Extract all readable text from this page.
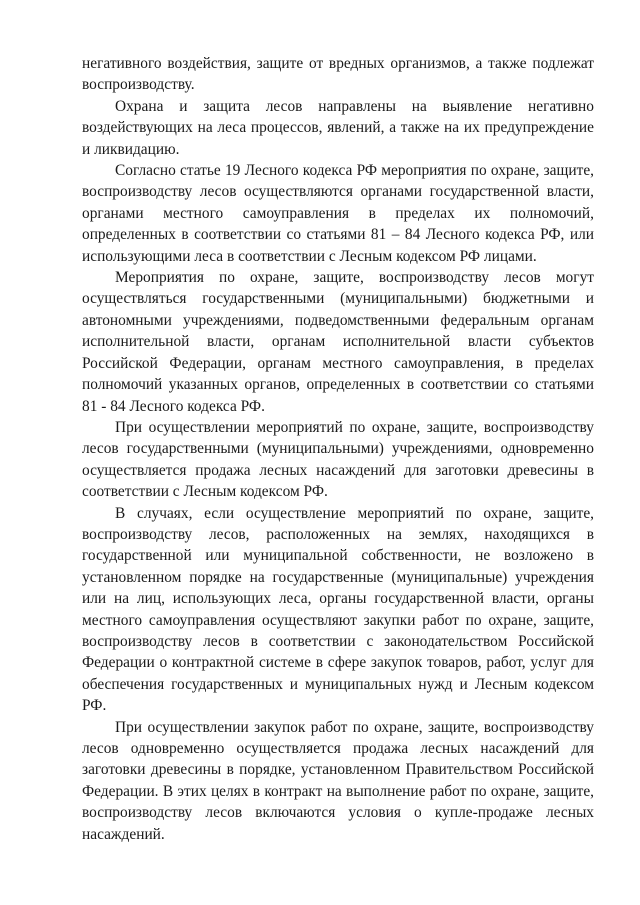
негативного воздействия, защите от вредных организмов, а также подлежат воспроизводству.

Охрана и защита лесов направлены на выявление негативно воздействующих на леса процессов, явлений, а также на их предупреждение и ликвидацию.

Согласно статье 19 Лесного кодекса РФ мероприятия по охране, защите, воспроизводству лесов осуществляются органами государственной власти, органами местного самоуправления в пределах их полномочий, определенных в соответствии со статьями 81 – 84 Лесного кодекса РФ, или использующими леса в соответствии с Лесным кодексом РФ лицами.

Мероприятия по охране, защите, воспроизводству лесов могут осуществляться государственными (муниципальными) бюджетными и автономными учреждениями, подведомственными федеральным органам исполнительной власти, органам исполнительной власти субъектов Российской Федерации, органам местного самоуправления, в пределах полномочий указанных органов, определенных в соответствии со статьями 81 - 84 Лесного кодекса РФ.

При осуществлении мероприятий по охране, защите, воспроизводству лесов государственными (муниципальными) учреждениями, одновременно осуществляется продажа лесных насаждений для заготовки древесины в соответствии с Лесным кодексом РФ.

В случаях, если осуществление мероприятий по охране, защите, воспроизводству лесов, расположенных на землях, находящихся в государственной или муниципальной собственности, не возложено в установленном порядке на государственные (муниципальные) учреждения или на лиц, использующих леса, органы государственной власти, органы местного самоуправления осуществляют закупки работ по охране, защите, воспроизводству лесов в соответствии с законодательством Российской Федерации о контрактной системе в сфере закупок товаров, работ, услуг для обеспечения государственных и муниципальных нужд и Лесным кодексом РФ.

При осуществлении закупок работ по охране, защите, воспроизводству лесов одновременно осуществляется продажа лесных насаждений для заготовки древесины в порядке, установленном Правительством Российской Федерации. В этих целях в контракт на выполнение работ по охране, защите, воспроизводству лесов включаются условия о купле-продаже лесных насаждений.
